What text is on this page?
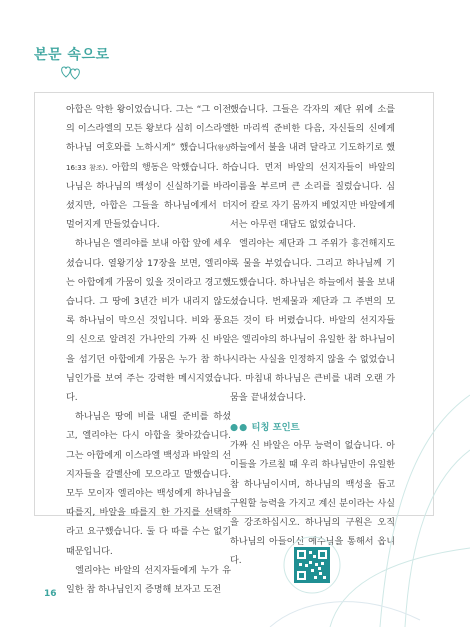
본문 속으로

아합은 악한 왕이었습니다. 그는 “그 이전의 이스라엘의 모든 왕보다 심히 이스라엘 하나님 여호와를 노하시게” 했습니다(왕상 16:33 참조). 아합의 행동은 악했습니다. 하나님은 하나님의 백성이 신실하기를 바라셨지만, 아합은 그들을 하나님에게서 더 멀어지게 만들었습니다.

하나님은 엘리야를 보내 아합 앞에 세우셨습니다. 열왕기상 17장을 보면, 엘리야는 아합에게 가뭄이 있을 것이라고 경고했습니다. 그 땅에 3년간 비가 내리지 않도록 하나님이 막으신 것입니다. 비와 풍요의 신으로 알려진 가나안의 가짜 신 바알을 섬기던 아합에게 가뭄은 누가 참 하나님인가를 보여 주는 강력한 메시지였습니다.

하나님은 땅에 비를 내릴 준비를 하셨고, 엘리야는 다시 아합을 찾아갔습니다. 그는 아합에게 이스라엘 백성과 바알의 선지자들을 갈멜산에 모으라고 말했습니다. 모두 모이자 엘리야는 백성에게 하나님을 따를지, 바알을 따를지 한 가지를 선택하라고 요구했습니다. 둘 다 따를 수는 없기 때문입니다.

엘리야는 바알의 선지자들에게 누가 유일한 참 하나님인지 증명해 보자고 도전

했습니다. 그들은 각자의 제단 위에 소를 한 마리씩 준비한 다음, 자신들의 신에게 하늘에서 불을 내려 달라고 기도하기로 했습니다. 먼저 바알의 선지자들이 바알의 이름을 부르며 큰 소리를 질렀습니다. 심지어 칼로 자기 몸까지 베었지만 바알에게서는 아무런 대답도 없었습니다.

엘리야는 제단과 그 주위가 흥건해지도록 물을 부었습니다. 그리고 하나님께 기도했습니다. 하나님은 하늘에서 불을 보내셨습니다. 번제물과 제단과 그 주변의 모든 것이 타 버렸습니다. 바알의 선지자들은 엘리야의 하나님이 유일한 참 하나님이시라는 사실을 인정하지 않을 수 없었습니다. 마침내 하나님은 큰비를 내려 오랜 가뭄을 끝내셨습니다.

●● 티칭 포인트

가짜 신 바알은 아무 능력이 없습니다. 아이들을 가르칠 때 우리 하나님만이 유일한 참 하나님이시며, 하나님의 백성을 돕고 구원할 능력을 가지고 계신 분이라는 사실을 강조하십시오. 하나님의 구원은 오직 하나님의 아들이신 예수님을 통해서 옵니다.

16
